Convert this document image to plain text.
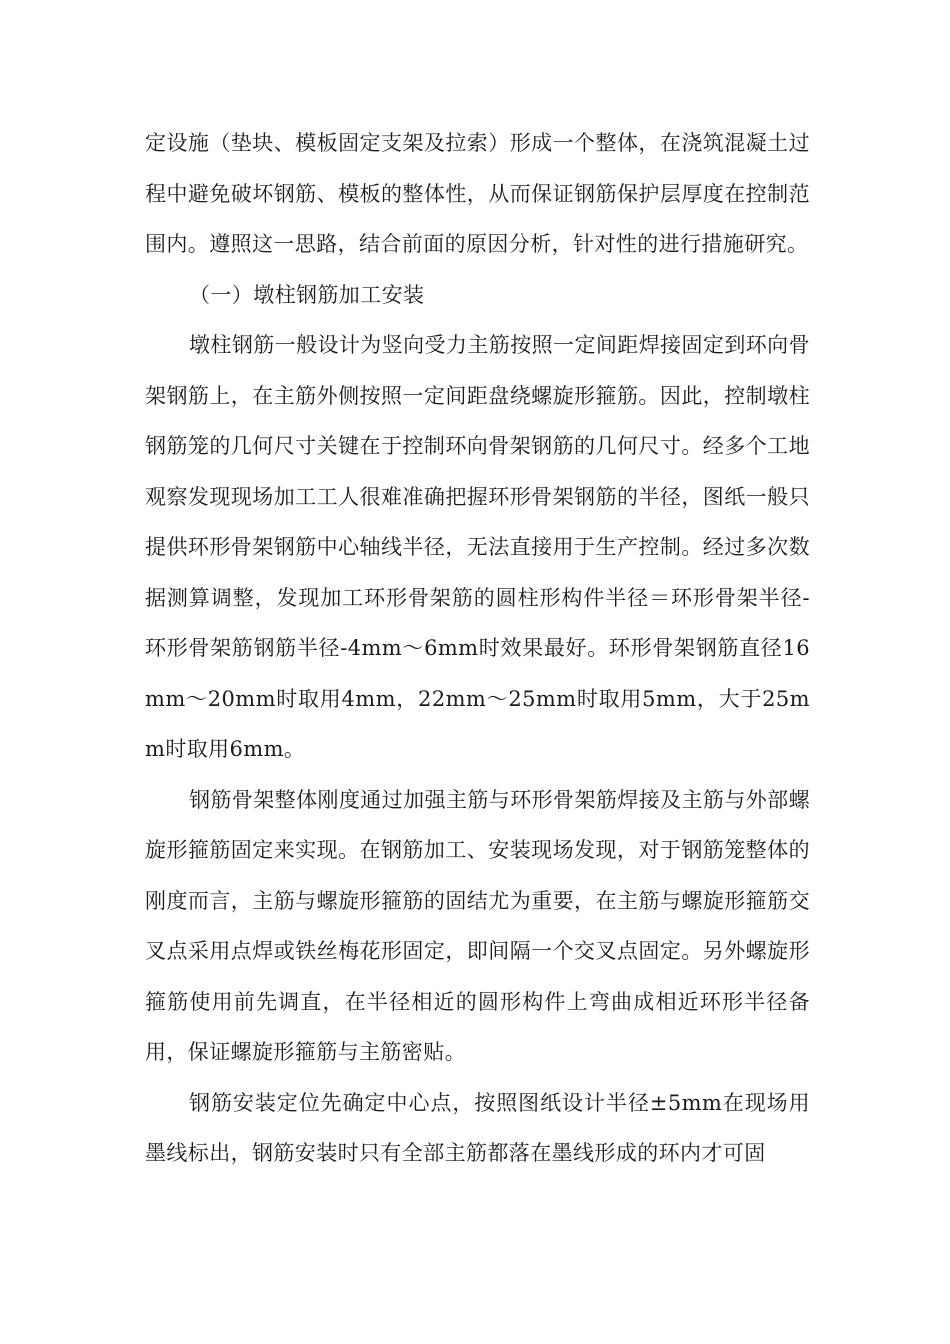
定设施（垫块、模板固定支架及拉索）形成一个整体，在浇筑混凝土过程中避免破坏钢筋、模板的整体性，从而保证钢筋保护层厚度在控制范围内。遵照这一思路，结合前面的原因分析，针对性的进行措施研究。

（一）墩柱钢筋加工安装

墩柱钢筋一般设计为竖向受力主筋按照一定间距焊接固定到环向骨架钢筋上，在主筋外侧按照一定间距盘绕螺旋形箍筋。因此，控制墩柱钢筋笼的几何尺寸关键在于控制环向骨架钢筋的几何尺寸。经多个工地观察发现现场加工工人很难准确把握环形骨架钢筋的半径，图纸一般只提供环形骨架钢筋中心轴线半径，无法直接用于生产控制。经过多次数据测算调整，发现加工环形骨架筋的圆柱形构件半径＝环形骨架半径-环形骨架筋钢筋半径-4mm～6mm时效果最好。环形骨架钢筋直径16mm～20mm时取用4mm，22mm～25mm时取用5mm，大于25mm时取用6mm。

钢筋骨架整体刚度通过加强主筋与环形骨架筋焊接及主筋与外部螺旋形箍筋固定来实现。在钢筋加工、安装现场发现，对于钢筋笼整体的刚度而言，主筋与螺旋形箍筋的固结尤为重要，在主筋与螺旋形箍筋交叉点采用点焊或铁丝梅花形固定，即间隔一个交叉点固定。另外螺旋形箍筋使用前先调直，在半径相近的圆形构件上弯曲成相近环形半径备用，保证螺旋形箍筋与主筋密贴。

钢筋安装定位先确定中心点，按照图纸设计半径±5mm在现场用墨线标出，钢筋安装时只有全部主筋都落在墨线形成的环内才可固
